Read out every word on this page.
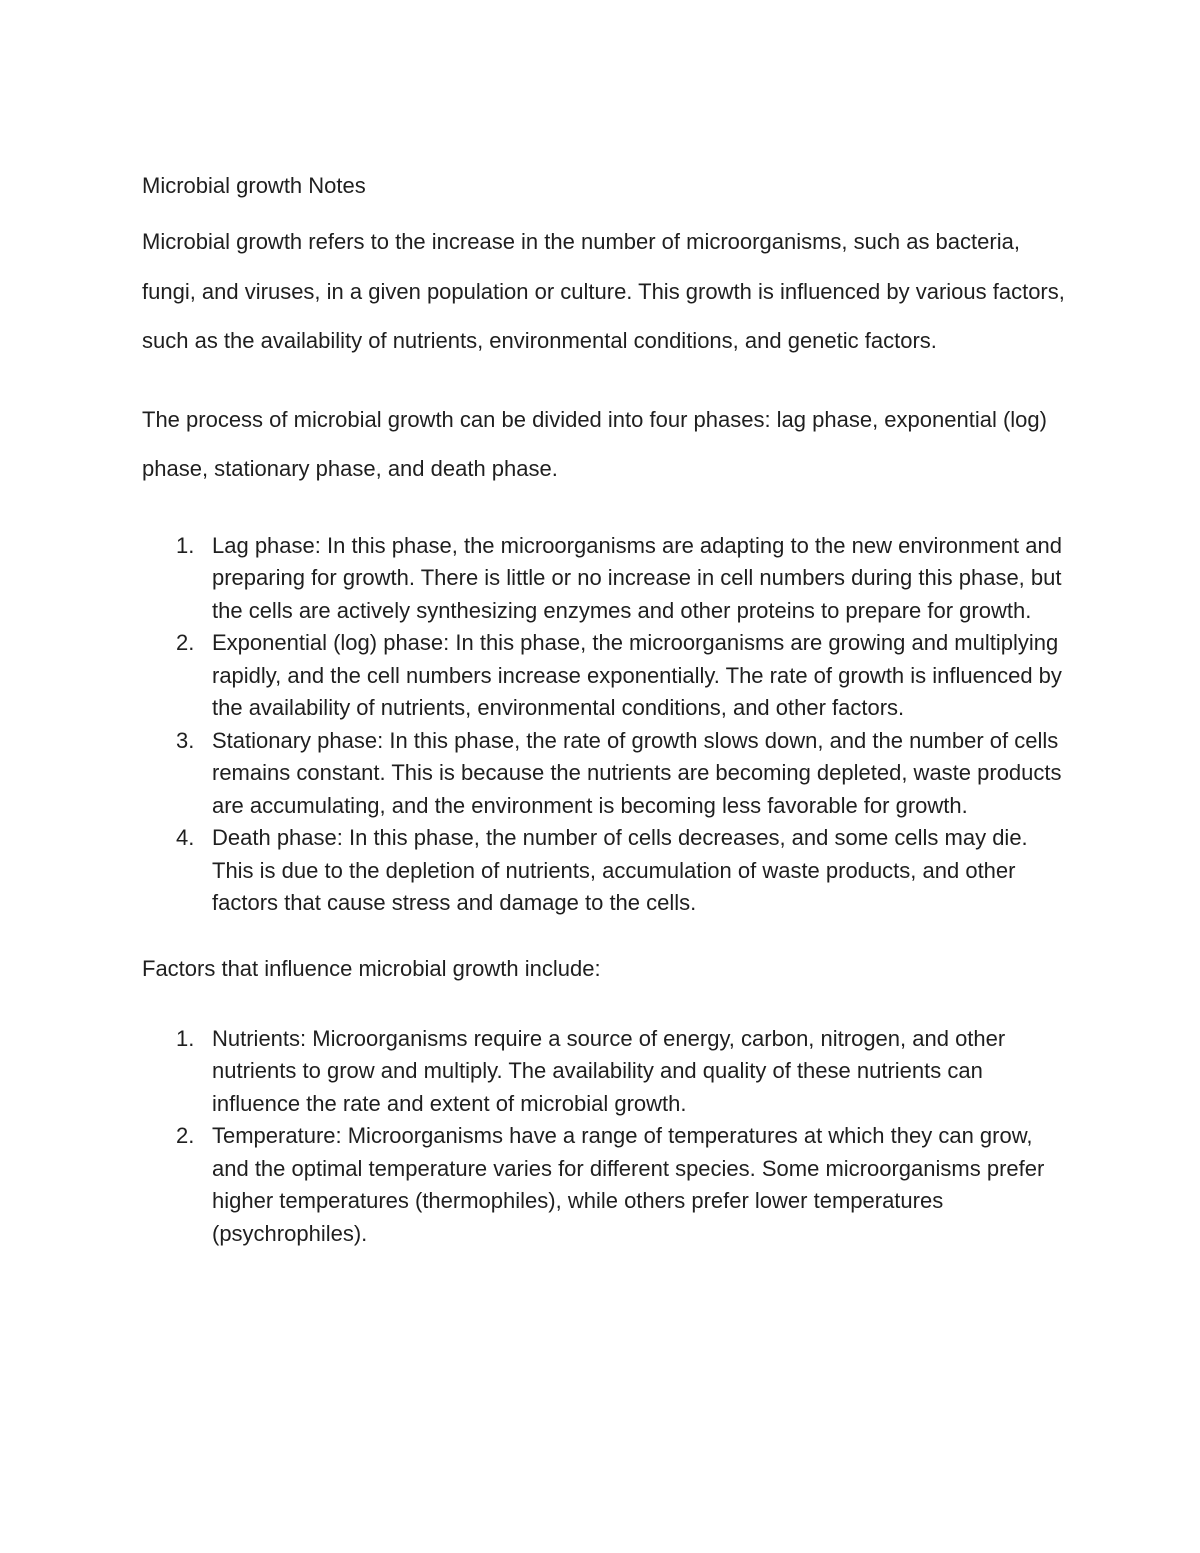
Microbial growth Notes

Microbial growth refers to the increase in the number of microorganisms, such as bacteria, fungi, and viruses, in a given population or culture. This growth is influenced by various factors, such as the availability of nutrients, environmental conditions, and genetic factors.

The process of microbial growth can be divided into four phases: lag phase, exponential (log) phase, stationary phase, and death phase.

1. Lag phase: In this phase, the microorganisms are adapting to the new environment and preparing for growth. There is little or no increase in cell numbers during this phase, but the cells are actively synthesizing enzymes and other proteins to prepare for growth.
2. Exponential (log) phase: In this phase, the microorganisms are growing and multiplying rapidly, and the cell numbers increase exponentially. The rate of growth is influenced by the availability of nutrients, environmental conditions, and other factors.
3. Stationary phase: In this phase, the rate of growth slows down, and the number of cells remains constant. This is because the nutrients are becoming depleted, waste products are accumulating, and the environment is becoming less favorable for growth.
4. Death phase: In this phase, the number of cells decreases, and some cells may die. This is due to the depletion of nutrients, accumulation of waste products, and other factors that cause stress and damage to the cells.

Factors that influence microbial growth include:

1. Nutrients: Microorganisms require a source of energy, carbon, nitrogen, and other nutrients to grow and multiply. The availability and quality of these nutrients can influence the rate and extent of microbial growth.
2. Temperature: Microorganisms have a range of temperatures at which they can grow, and the optimal temperature varies for different species. Some microorganisms prefer higher temperatures (thermophiles), while others prefer lower temperatures (psychrophiles).
